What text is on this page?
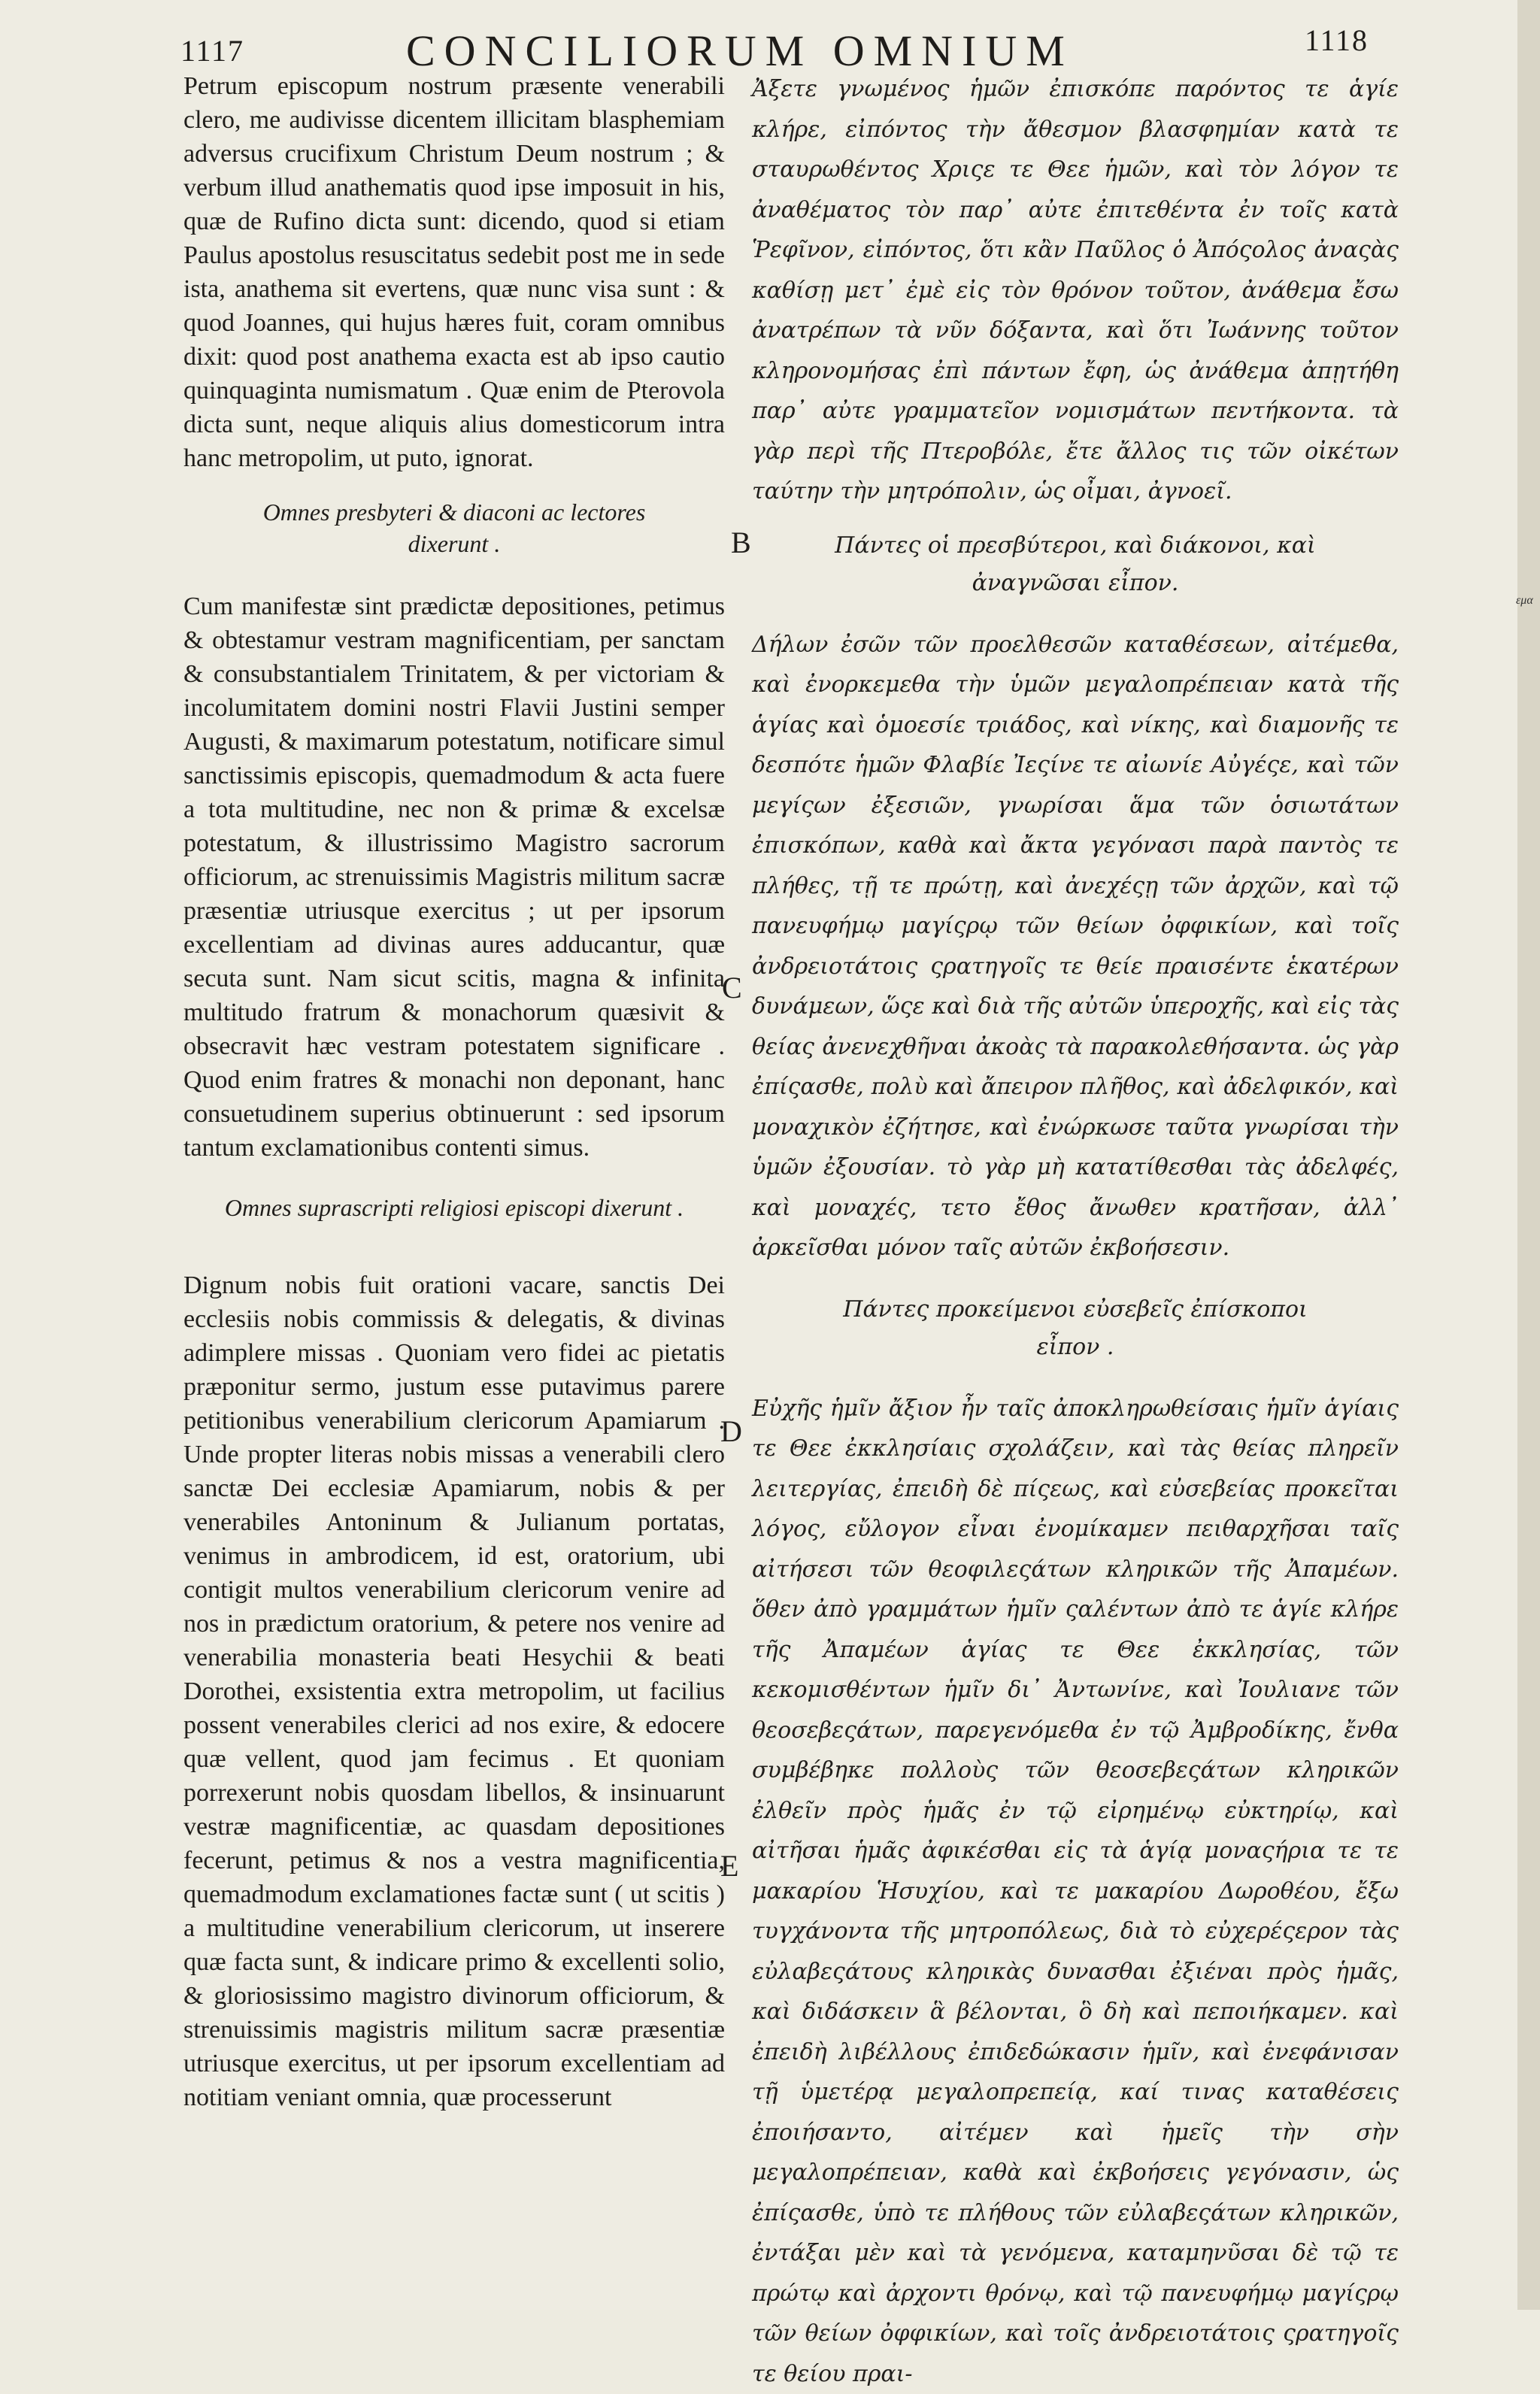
1117	CONCILIORUM OMNIUM	1118

Petrum episcopum nostrum præsente venerabili clero, me audivisse dicentem illicitam blasphemiam adversus crucifixum Christum Deum nostrum ; & verbum illud anathematis quod ipse imposuit in his, quæ de Rufino dicta sunt: dicendo, quod si etiam Paulus apostolus resuscitatus sedebit post me in sede ista, anathema sit evertens, quæ nunc visa sunt : & quod Joannes, qui hujus hæres fuit, coram omnibus dixit: quod post anathema exacta est ab ipso cautio quinquaginta numismatum . Quæ enim de Pterovola dicta sunt, neque aliquis alius domesticorum intra hanc metropolim, ut puto, ignorat.

Omnes presbyteri & diaconi ac lectores dixerunt .

Cum manifestæ sint prædictæ depositiones, petimus & obtestamur vestram magnificentiam, per sanctam & consubstantialem Trinitatem, & per victoriam & incolumitatem domini nostri Flavii Justini semper Augusti, & maximarum potestatum, notificare simul sanctissimis episcopis, quemadmodum & acta fuere a tota multitudine, nec non & primæ & excelsæ potestatum, & illustrissimo Magistro sacrorum officiorum, ac strenuissimis Magistris militum sacræ præsentiæ utriusque exercitus ; ut per ipsorum excellentiam ad divinas aures adducantur, quæ secuta sunt. Nam sicut scitis, magna & infinita multitudo fratrum & monachorum quæsivit & obsecravit hæc vestram potestatem significare . Quod enim fratres & monachi non deponant, hanc consuetudinem superius obtinuerunt : sed ipsorum tantum exclamationibus contenti simus.

Omnes suprascripti religiosi episcopi dixerunt .

Dignum nobis fuit orationi vacare, sanctis Dei ecclesiis nobis commissis & delegatis, & divinas adimplere missas . Quoniam vero fidei ac pietatis præponitur sermo, justum esse putavimus parere petitionibus venerabilium clericorum Apamiarum . Unde propter literas nobis missas a venerabili clero sanctæ Dei ecclesiæ Apamiarum, nobis & per venerabiles Antoninum & Julianum portatas, venimus in ambrodicem, id est, oratorium, ubi contigit multos venerabilium clericorum venire ad nos in prædictum oratorium, & petere nos venire ad venerabilia monasteria beati Hesychii & beati Dorothei, exsistentia extra metropolim, ut facilius possent venerabiles clerici ad nos exire, & edocere quæ vellent, quod jam fecimus . Et quoniam porrexerunt nobis quosdam libellos, & insinuarunt vestræ magnificentiæ, ac quasdam depositiones fecerunt, petimus & nos a vestra magnificentia, quemadmodum exclamationes factæ sunt ( ut scitis ) a multitudine venerabilium clericorum, ut inserere quæ facta sunt, & indicare primo & excellenti solio, & gloriosissimo magistro divinorum officiorum, & strenuissimis magistris militum sacræ præsentiæ utriusque exercitus, ut per ipsorum excellentiam ad notitiam veniant omnia, quæ processerunt

Ἀξετε γνωμένος ἡμῶν ἐπισκόπε παρόντος τε ἁγίε κλήρε, εἰπόντος τὴν ἄθεσμον βλασφημίαν κατὰ τε σταυρωθέντος Χριςε τε Θεε ἡμῶν, καὶ τὸν λόγον τε ἀναθέματος τὸν παρ᾽ αὐτε ἐπιτεθέντα ἐν τοῖς κατὰ Ῥεφῖνον, εἰπόντος, ὅτι κἂν Παῦλος ὁ Ἀπόςολος ἀναςὰς καθίσῃ μετ᾽ ἐμὲ εἰς τὸν θρόνον τοῦτον, ἀνάθεμα ἔσω ἀνατρέπων τὰ νῦν δόξαντα, καὶ ὅτι Ἰωάννης τοῦτον κληρονομήσας ἐπὶ πάντων ἔφη, ὡς ἀνάθεμα ἀπῃτήθη παρ᾽ αὐτε γραμματεῖον νομισμάτων πεντήκοντα. τὰ γὰρ περὶ τῆς Πτεροβόλε, ἔτε ἄλλος τις τῶν οἰκέτων ταύτην τὴν μητρόπολιν, ὡς οἶμαι, ἀγνοεῖ.

Πάντες οἱ πρεσβύτεροι, καὶ διάκονοι, καὶ ἀναγνῶσαι εἶπον.

Δήλων ἐσῶν τῶν προελθεσῶν καταθέσεων, αἰτέμεθα, καὶ ἐνορκεμεθα τὴν ὑμῶν μεγαλοπρέπειαν κατὰ τῆς ἁγίας καὶ ὁμοεσίε τριάδος, καὶ νίκης, καὶ διαμονῆς τε δεσπότε ἡμῶν Φλαβίε Ἰεςίνε τε αἰωνίε Αὐγέςε, καὶ τῶν μεγίςων ἐξεσιῶν, γνωρίσαι ἅμα τῶν ὁσιωτάτων ἐπισκόπων, καθὰ καὶ ἄκτα γεγόνασι παρὰ παντὸς τε πλήθες, τῇ τε πρώτῃ, καὶ ἀνεχέςῃ τῶν ἀρχῶν, καὶ τῷ πανευφήμῳ μαγίςρῳ τῶν θείων ὀφφικίων, καὶ τοῖς ἀνδρειοτάτοις ςρατηγοῖς τε θείε πραισέντε ἑκατέρων δυνάμεων, ὥςε καὶ διὰ τῆς αὐτῶν ὑπεροχῆς, καὶ εἰς τὰς θείας ἀνενεχθῆναι ἀκοὰς τὰ παρακολεθήσαντα. ὡς γὰρ ἐπίςασθε, πολὺ καὶ ἄπειρον πλῆθος, καὶ ἀδελφικόν, καὶ μοναχικὸν ἐζήτησε, καὶ ἐνώρκωσε ταῦτα γνωρίσαι τὴν ὑμῶν ἐξουσίαν. τὸ γὰρ μὴ κατατίθεσθαι τὰς ἀδελφές, καὶ μοναχές, τετο ἔθος ἄνωθεν κρατῆσαν, ἀλλ᾽ ἀρκεῖσθαι μόνον ταῖς αὐτῶν ἐκβοήσεσιν.

Πάντες προκείμενοι εὐσεβεῖς ἐπίσκοποι εἶπον .

Εὐχῆς ἡμῖν ἄξιον ἦν ταῖς ἀποκληρωθείσαις ἡμῖν ἁγίαις τε Θεε ἐκκλησίαις σχολάζειν, καὶ τὰς θείας πληρεῖν λειτεργίας, ἐπειδὴ δὲ πίςεως, καὶ εὐσεβείας προκεῖται λόγος, εὔλογον εἶναι ἐνομίκαμεν πειθαρχῆσαι ταῖς αἰτήσεσι τῶν θεοφιλεςάτων κληρικῶν τῆς Ἀπαμέων. ὅθεν ἀπὸ γραμμάτων ἡμῖν ςαλέντων ἀπὸ τε ἁγίε κλήρε τῆς Ἀπαμέων ἁγίας τε Θεε ἐκκλησίας, τῶν κεκομισθέντων ἡμῖν δι᾽ Ἀντωνίνε, καὶ Ἰουλιανε τῶν θεοσεβεςάτων, παρεγενόμεθα ἐν τῷ Ἀμβροδίκης, ἔνθα συμβέβηκε πολλοὺς τῶν θεοσεβεςάτων κληρικῶν ἐλθεῖν πρὸς ἡμᾶς ἐν τῷ εἰρημένῳ εὐκτηρίῳ, καὶ αἰτῆσαι ἡμᾶς ἀφικέσθαι εἰς τὰ ἁγίᾳ μοναςήρια τε τε μακαρίου Ἡσυχίου, καὶ τε μακαρίου Δωροθέου, ἔξω τυγχάνοντα τῆς μητροπόλεως, διὰ τὸ εὐχερέςερον τὰς εὐλαβεςάτους κληρικὰς δυνασθαι ἐξιέναι πρὸς ἡμᾶς, καὶ διδάσκειν ἃ βέλονται, ὃ δὴ καὶ πεποιήκαμεν. καὶ ἐπειδὴ λιβέλλους ἐπιδεδώκασιν ἡμῖν, καὶ ἐνεφάνισαν τῇ ὑμετέρᾳ μεγαλοπρεπείᾳ, καί τινας καταθέσεις ἐποιήσαντο, αἰτέμεν καὶ ἡμεῖς τὴν σὴν μεγαλοπρέπειαν, καθὰ καὶ ἐκβοήσεις γεγόνασιν, ὡς ἐπίςασθε, ὑπὸ τε πλήθους τῶν εὐλαβεςάτων κληρικῶν, ἐντάξαι μὲν καὶ τὰ γενόμενα, καταμηνῦσαι δὲ τῷ τε πρώτῳ καὶ ἀρχοντι θρόνῳ, καὶ τῷ πανευφήμῳ μαγίςρῳ τῶν θείων ὀφφικίων, καὶ τοῖς ἀνδρειοτάτοις ςρατηγοῖς τε θείου πραι-

B
C
D
E
εμα
